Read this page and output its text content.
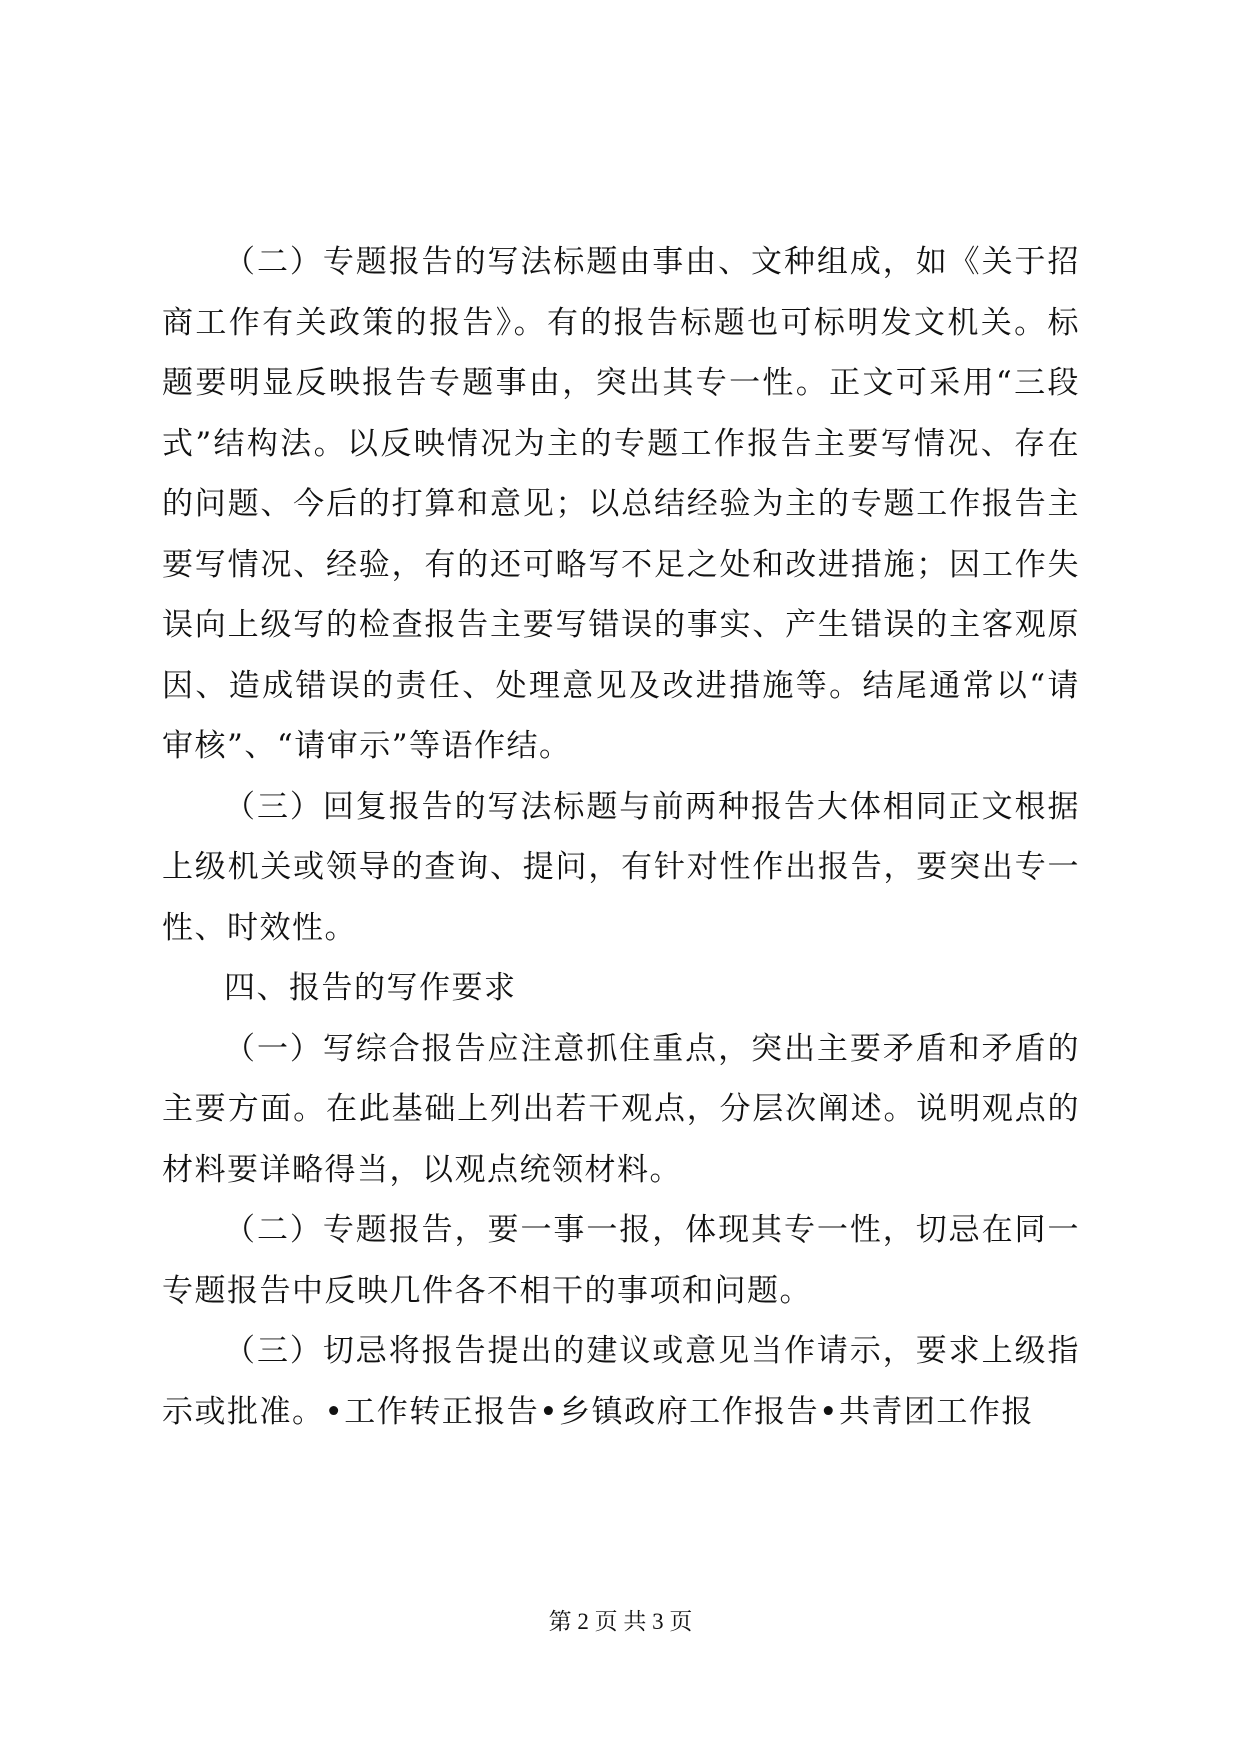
（二）专题报告的写法标题由事由、文种组成，如《关于招商工作有关政策的报告》。有的报告标题也可标明发文机关。标题要明显反映报告专题事由，突出其专一性。正文可采用“三段式”结构法。以反映情况为主的专题工作报告主要写情况、存在的问题、今后的打算和意见；以总结经验为主的专题工作报告主要写情况、经验，有的还可略写不足之处和改进措施；因工作失误向上级写的检查报告主要写错误的事实、产生错误的主客观原因、造成错误的责任、处理意见及改进措施等。结尾通常以“请审核”、“请审示”等语作结。

（三）回复报告的写法标题与前两种报告大体相同正文根据上级机关或领导的查询、提问，有针对性作出报告，要突出专一性、时效性。

四、报告的写作要求

（一）写综合报告应注意抓住重点，突出主要矛盾和矛盾的主要方面。在此基础上列出若干观点，分层次阐述。说明观点的材料要详略得当，以观点统领材料。

（二）专题报告，要一事一报，体现其专一性，切忌在同一专题报告中反映几件各不相干的事项和问题。

（三）切忌将报告提出的建议或意见当作请示，要求上级指示或批准。•工作转正报告•乡镇政府工作报告•共青团工作报

第 2 页 共 3 页
